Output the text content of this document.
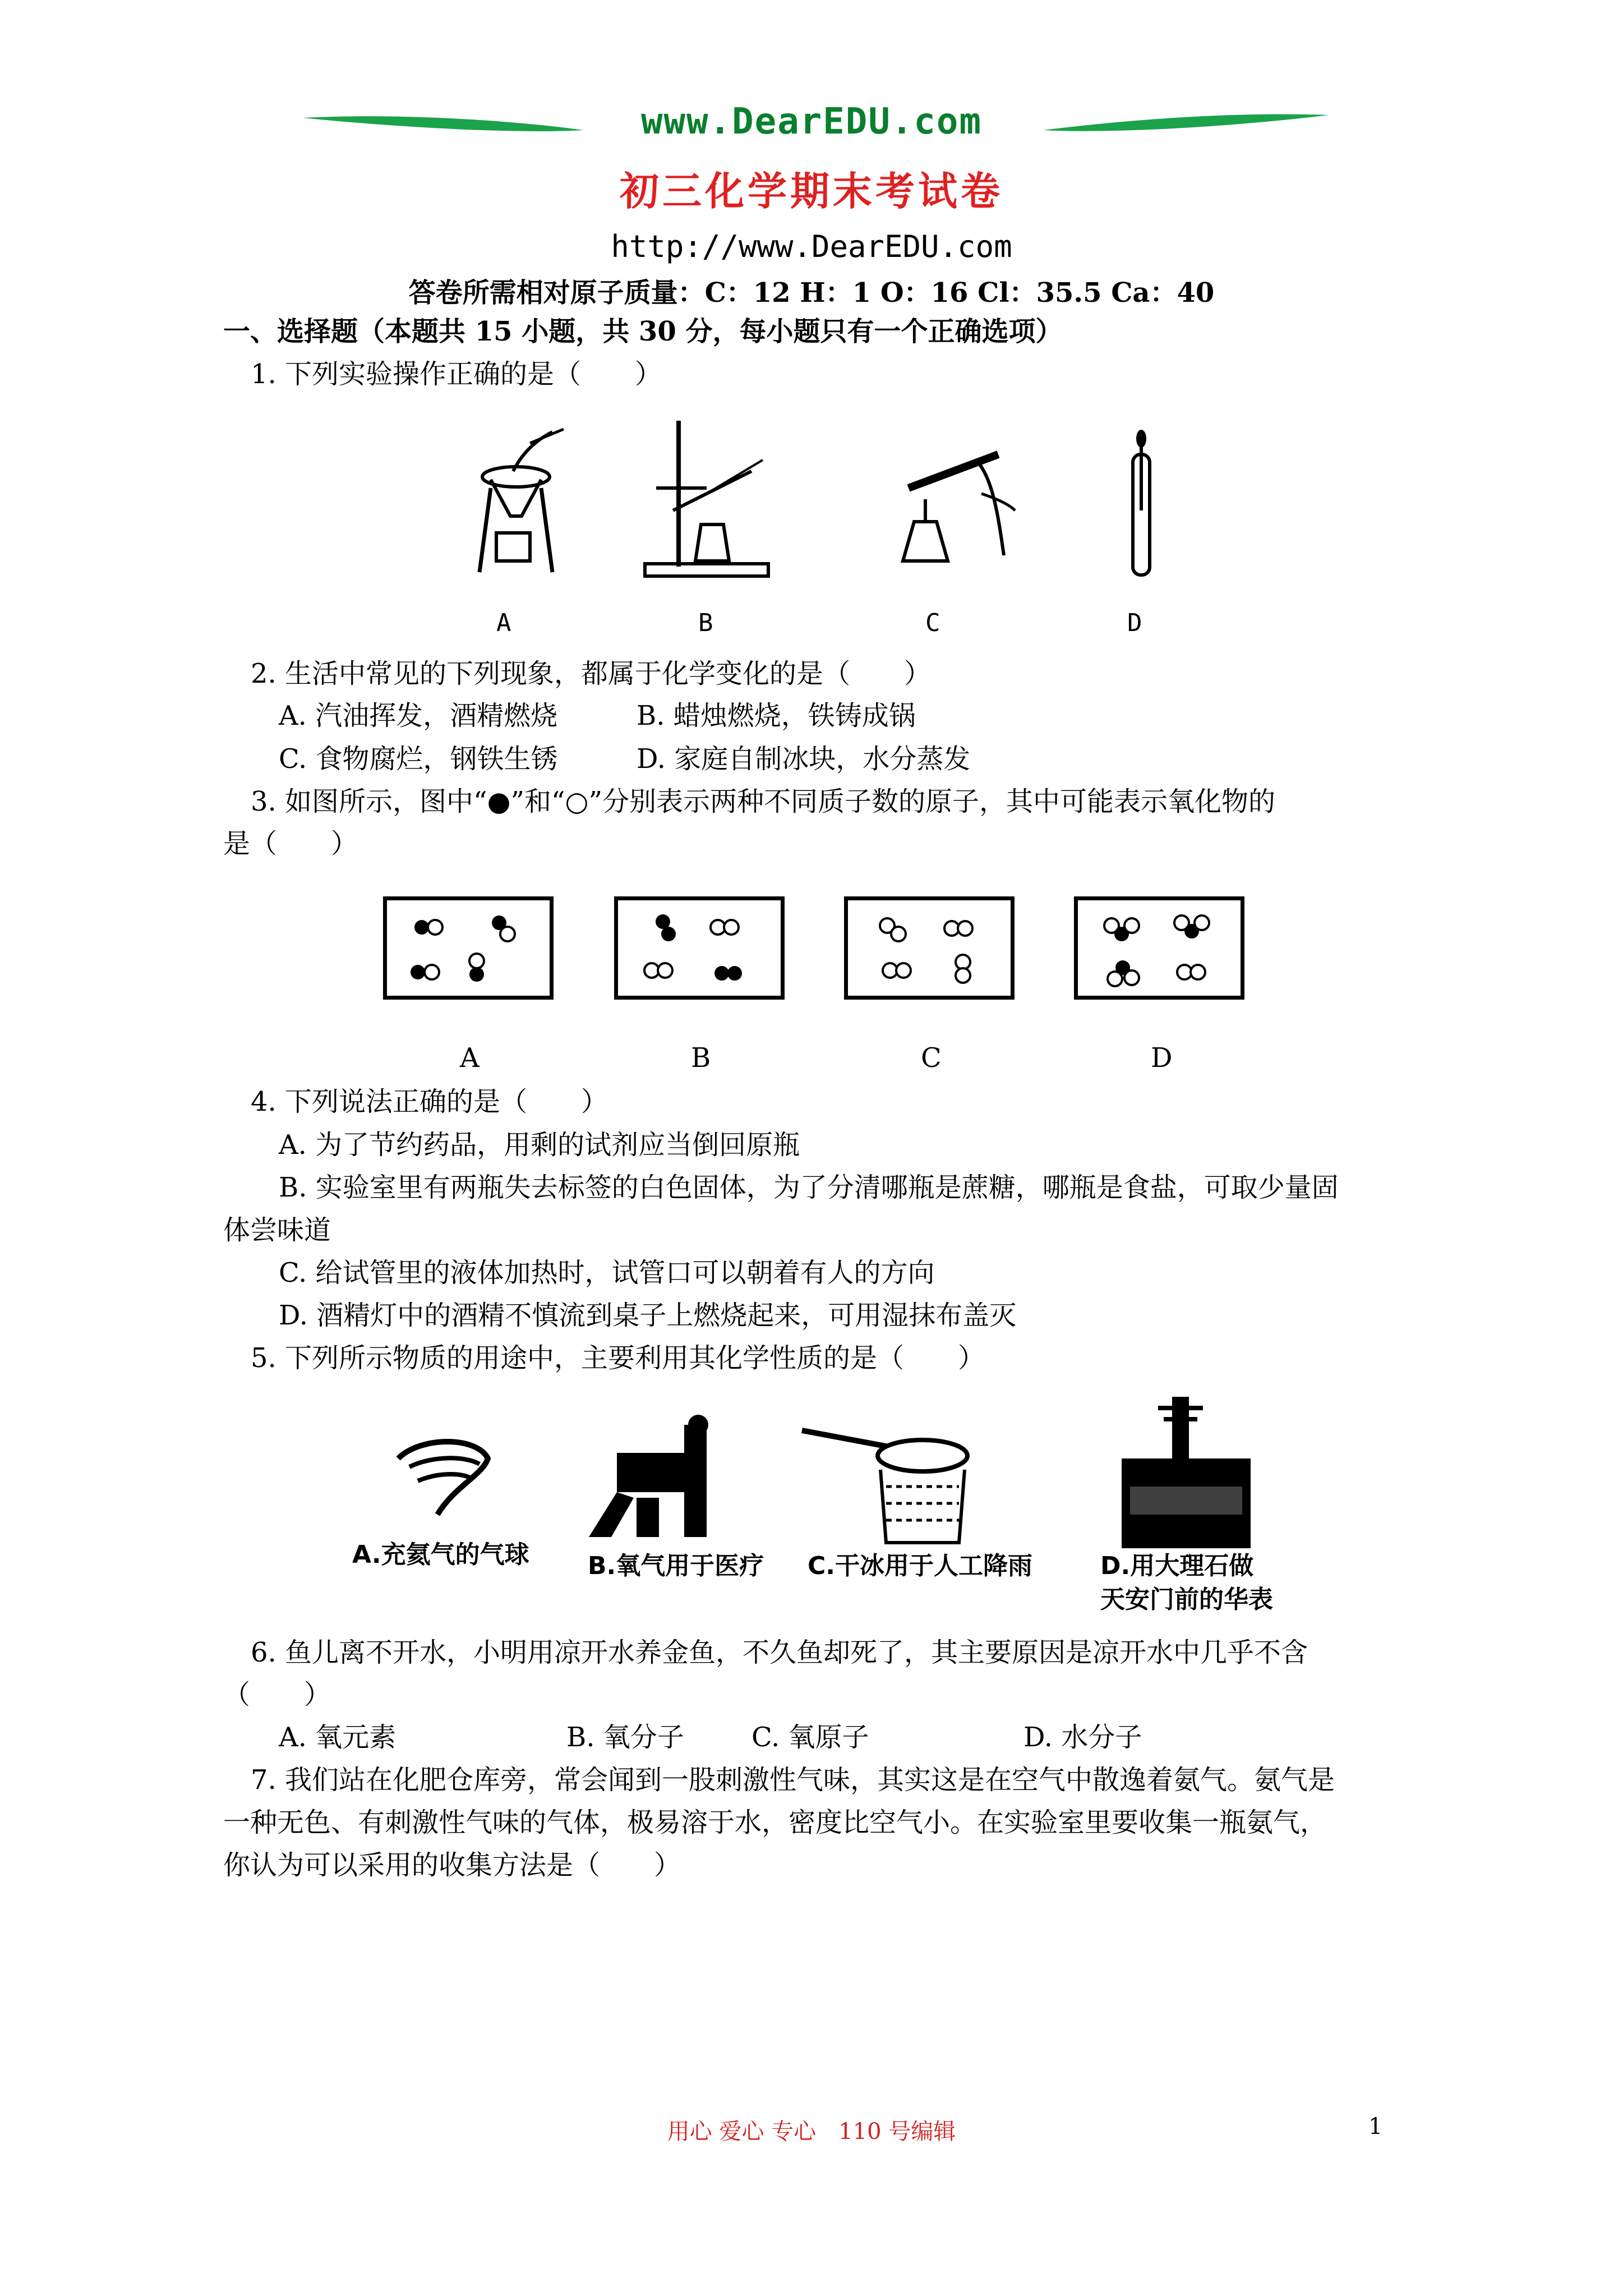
www.DearEDU.com
初三化学期末考试卷
http://www.DearEDU.com
答卷所需相对原子质量：C：12 H：1 O：16 Cl：35.5 Ca：40
一、选择题（本题共 15 小题，共 30 分，每小题只有一个正确选项）
1. 下列实验操作正确的是（　　）
A	B	C	D
2. 生活中常见的下列现象，都属于化学变化的是（　　）
A. 汽油挥发，酒精燃烧	B. 蜡烛燃烧，铁铸成锅
C. 食物腐烂，钢铁生锈	D. 家庭自制冰块，水分蒸发
3. 如图所示，图中“●”和“○”分别表示两种不同质子数的原子，其中可能表示氧化物的
是（　　）
A	B	C	D
4. 下列说法正确的是（　　）
A. 为了节约药品，用剩的试剂应当倒回原瓶
B. 实验室里有两瓶失去标签的白色固体，为了分清哪瓶是蔗糖，哪瓶是食盐，可取少量固
体尝味道
C. 给试管里的液体加热时，试管口可以朝着有人的方向
D. 酒精灯中的酒精不慎流到桌子上燃烧起来，可用湿抹布盖灭
5. 下列所示物质的用途中，主要利用其化学性质的是（　　）
A.充氦气的气球 B.氧气用于医疗 C.干冰用于人工降雨	D.用大理石做
天安门前的华表
6. 鱼儿离不开水，小明用凉开水养金鱼，不久鱼却死了，其主要原因是凉开水中几乎不含
（　　）
A. 氧元素	B. 氧分子	C. 氧原子	D. 水分子
7. 我们站在化肥仓库旁，常会闻到一股刺激性气味，其实这是在空气中散逸着氨气。氨气是
一种无色、有刺激性气味的气体，极易溶于水，密度比空气小。在实验室里要收集一瓶氨气，
你认为可以采用的收集方法是（　　）
用心 爱心 专心　110 号编辑	1
